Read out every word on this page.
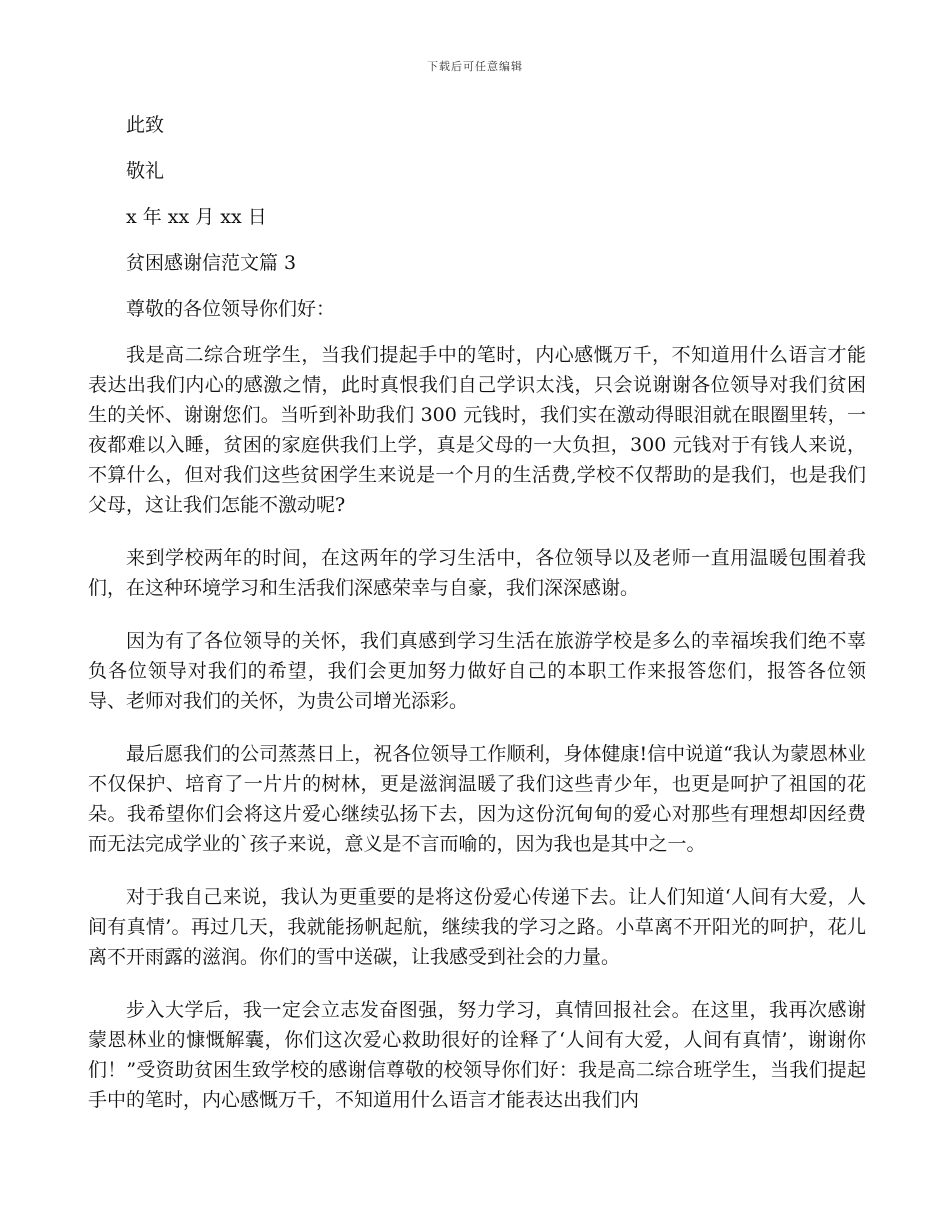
下载后可任意编辑
此致
敬礼
x 年 xx 月 xx 日
贫困感谢信范文篇 3
尊敬的各位领导你们好：

我是高二综合班学生，当我们提起手中的笔时，内心感慨万千，不知道用什么语言才能表达出我们内心的感激之情，此时真恨我们自己学识太浅，只会说谢谢各位领导对我们贫困生的关怀、谢谢您们。当听到补助我们 300 元钱时，我们实在激动得眼泪就在眼圈里转，一夜都难以入睡，贫困的家庭供我们上学，真是父母的一大负担，300 元钱对于有钱人来说，不算什么，但对我们这些贫困学生来说是一个月的生活费,学校不仅帮助的是我们，也是我们父母，这让我们怎能不激动呢?

来到学校两年的时间，在这两年的学习生活中，各位领导以及老师一直用温暖包围着我们，在这种环境学习和生活我们深感荣幸与自豪，我们深深感谢。

因为有了各位领导的关怀，我们真感到学习生活在旅游学校是多么的幸福埃我们绝不辜负各位领导对我们的希望，我们会更加努力做好自己的本职工作来报答您们，报答各位领导、老师对我们的关怀，为贵公司增光添彩。

最后愿我们的公司蒸蒸日上，祝各位领导工作顺利，身体健康!信中说道“我认为蒙恩林业不仅保护、培育了一片片的树林，更是滋润温暖了我们这些青少年，也更是呵护了祖国的花朵。我希望你们会将这片爱心继续弘扬下去，因为这份沉甸甸的爱心对那些有理想却因经费而无法完成学业的`孩子来说，意义是不言而喻的，因为我也是其中之一。

对于我自己来说，我认为更重要的是将这份爱心传递下去。让人们知道‘人间有大爱，人间有真情’。再过几天，我就能扬帆起航，继续我的学习之路。小草离不开阳光的呵护，花儿离不开雨露的滋润。你们的雪中送碳，让我感受到社会的力量。

步入大学后，我一定会立志发奋图强，努力学习，真情回报社会。在这里，我再次感谢蒙恩林业的慷慨解囊，你们这次爱心救助很好的诠释了‘人间有大爱，人间有真情’，谢谢你们！”受资助贫困生致学校的感谢信尊敬的校领导你们好：我是高二综合班学生，当我们提起手中的笔时，内心感慨万千，不知道用什么语言才能表达出我们内
